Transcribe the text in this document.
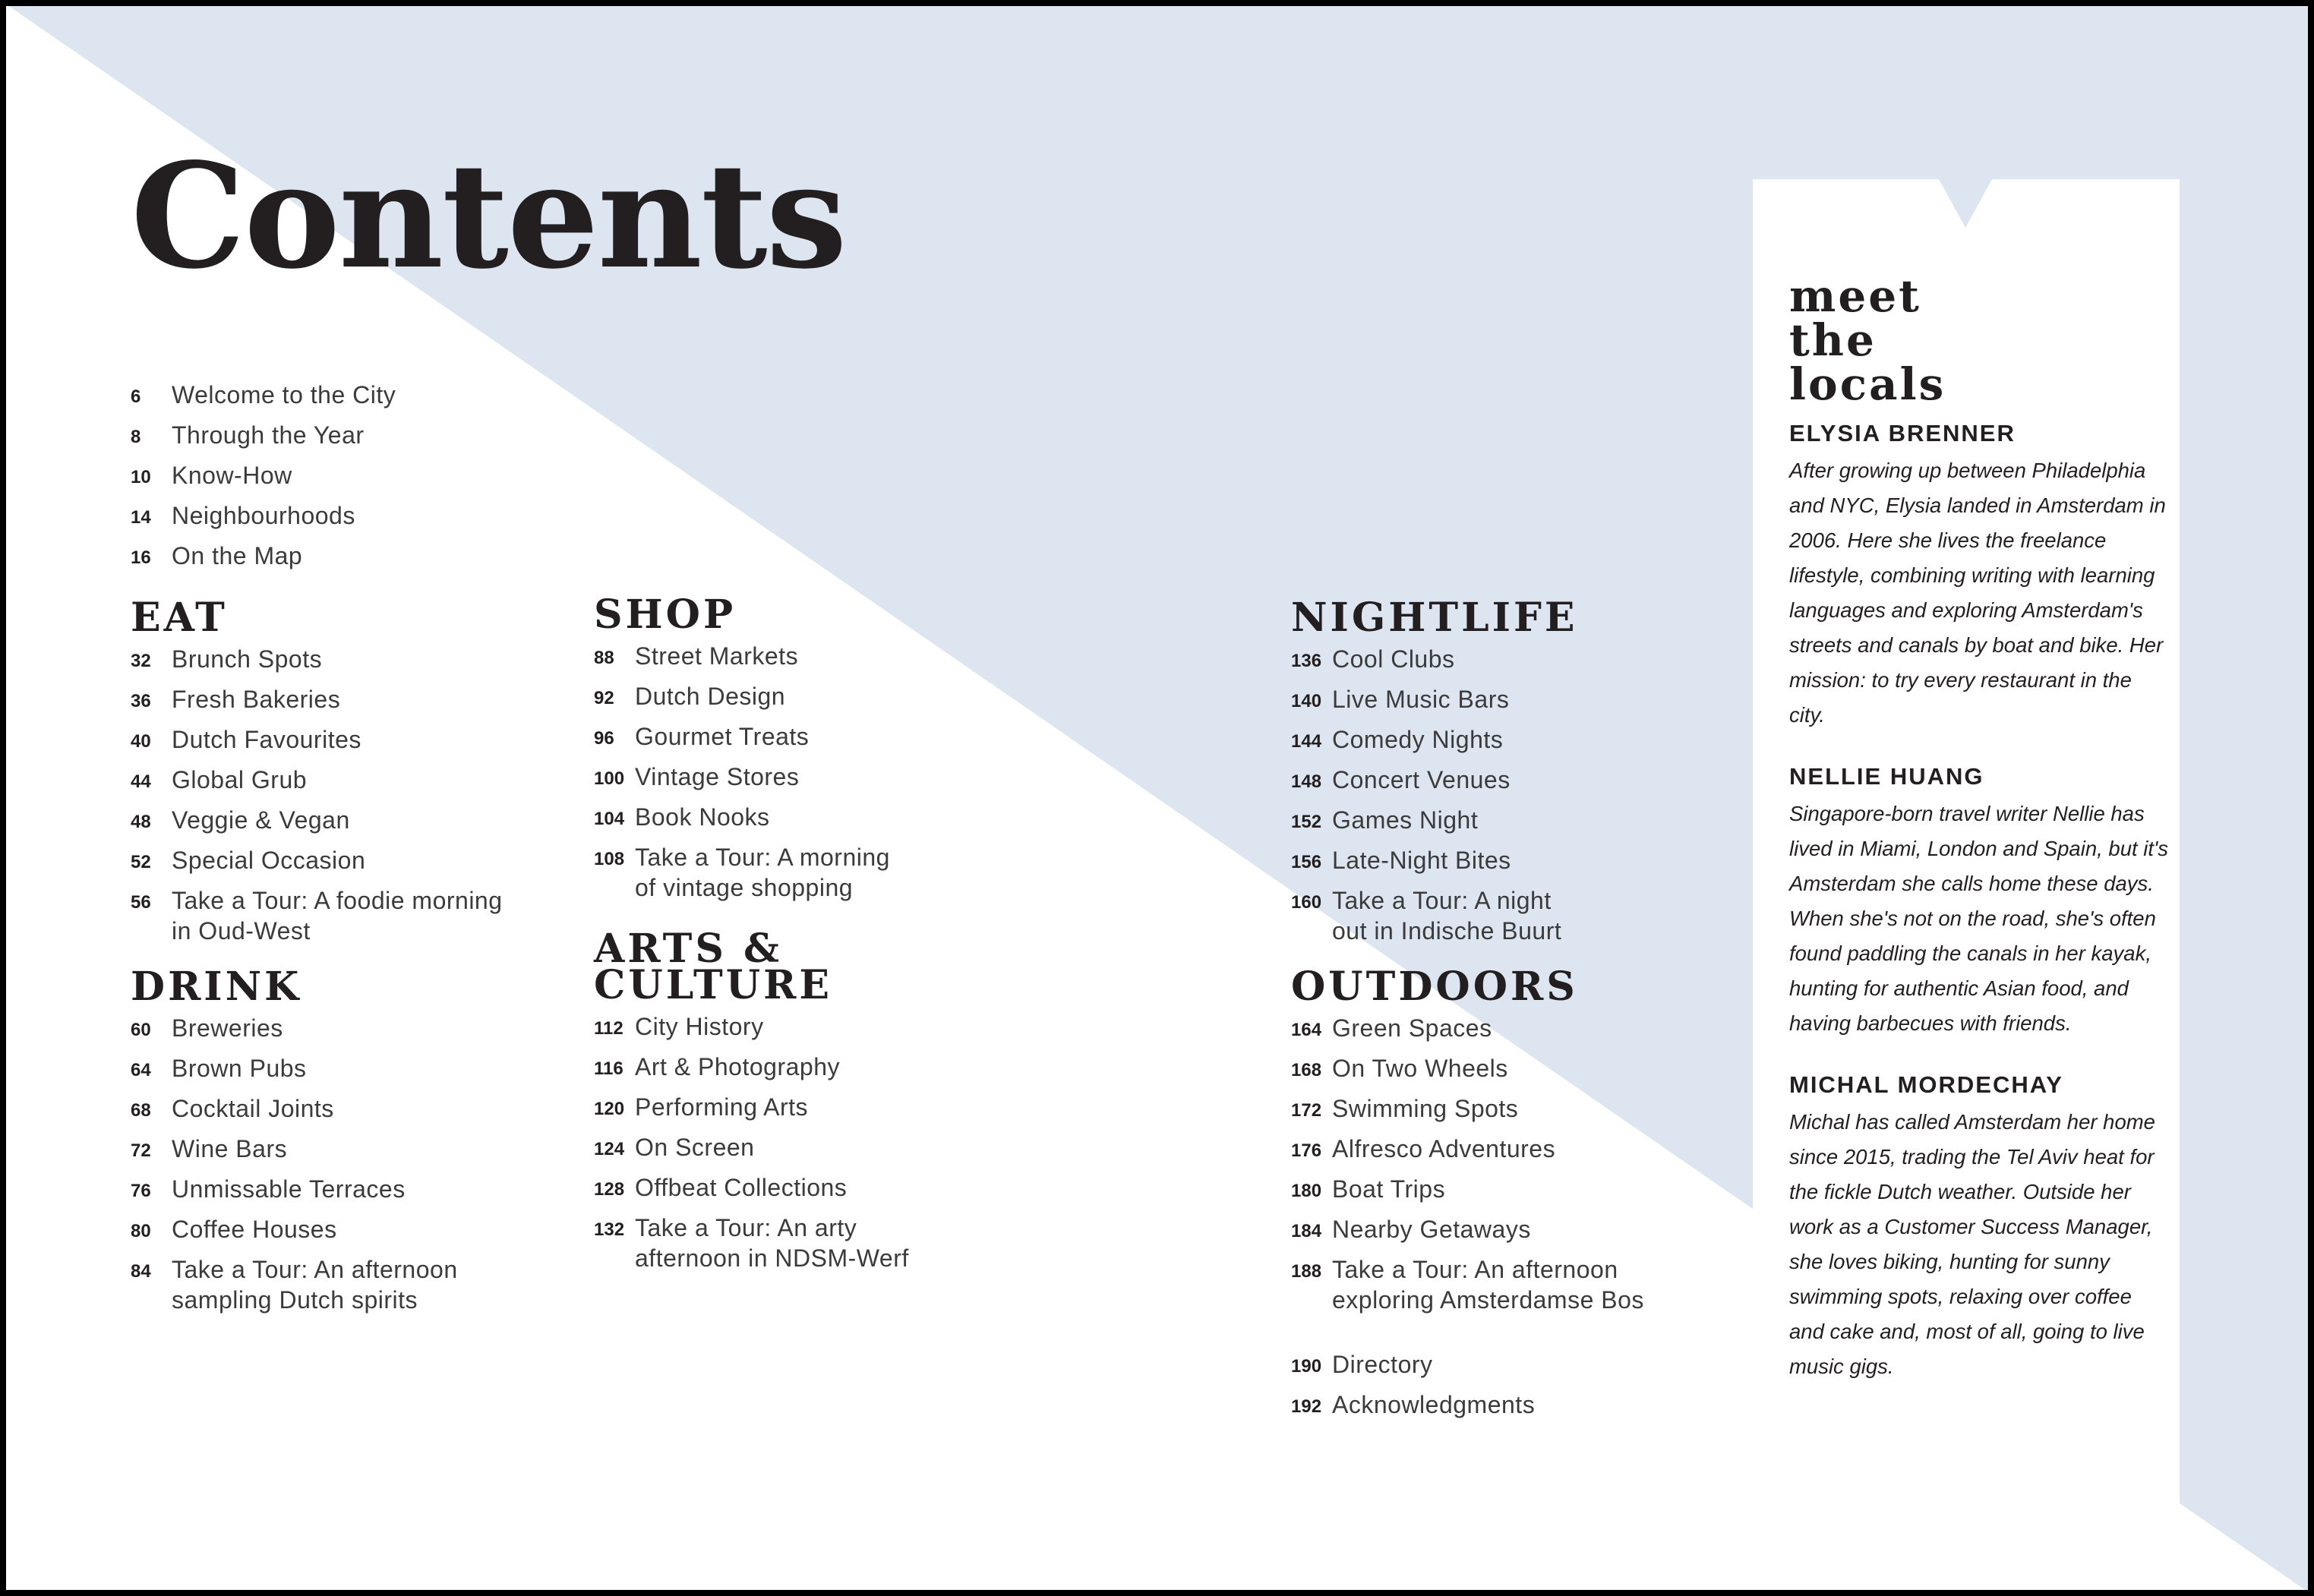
Contents
6	Welcome to the City
8	Through the Year
10 Know-How
14 Neighbourhoods
16 On the Map
EAT
32 Brunch Spots
36 Fresh Bakeries
40 Dutch Favourites
44 Global Grub
48 Veggie & Vegan
52 Special Occasion
56 Take a Tour: A foodie morning
in Oud-West
DRINK
60 Breweries
64 Brown Pubs
68 Cocktail Joints
72 Wine Bars
76 Unmissable Terraces
80 Coffee Houses
84 Take a Tour: An afternoon
sampling Dutch spirits
SHOP
88 Street Markets
92 Dutch Design
96 Gourmet Treats
100 Vintage Stores
104 Book Nooks
108 Take a Tour: A morning
of vintage shopping
ARTS &
CULTURE
112 City History
116 Art & Photography
120 Performing Arts
124 On Screen
128 Offbeat Collections
132 Take a Tour: An arty
afternoon in NDSM-Werf
NIGHTLIFE
136 Cool Clubs
140 Live Music Bars
144 Comedy Nights
148 Concert Venues
152 Games Night
156 Late-Night Bites
160 Take a Tour: A night
out in Indische Buurt
OUTDOORS
164 Green Spaces
168 On Two Wheels
172 Swimming Spots
176 Alfresco Adventures
180 Boat Trips
184 Nearby Getaways
188 Take a Tour: An afternoon
exploring Amsterdamse Bos
190 Directory
192 Acknowledgments
meet
the
locals

ELYSIA BRENNER

After growing up between Philadelphia and NYC, Elysia landed in Amsterdam in 2006. Here she lives the freelance lifestyle, combining writing with learning languages and exploring Amsterdam's streets and canals by boat and bike. Her mission: to try every restaurant in the city.

NELLIE HUANG

Singapore-born travel writer Nellie has lived in Miami, London and Spain, but it's Amsterdam she calls home these days. When she's not on the road, she's often found paddling the canals in her kayak, hunting for authentic Asian food, and having barbecues with friends.

MICHAL MORDECHAY

Michal has called Amsterdam her home since 2015, trading the Tel Aviv heat for the fickle Dutch weather. Outside her work as a Customer Success Manager, she loves biking, hunting for sunny swimming spots, relaxing over coffee and cake and, most of all, going to live music gigs.
